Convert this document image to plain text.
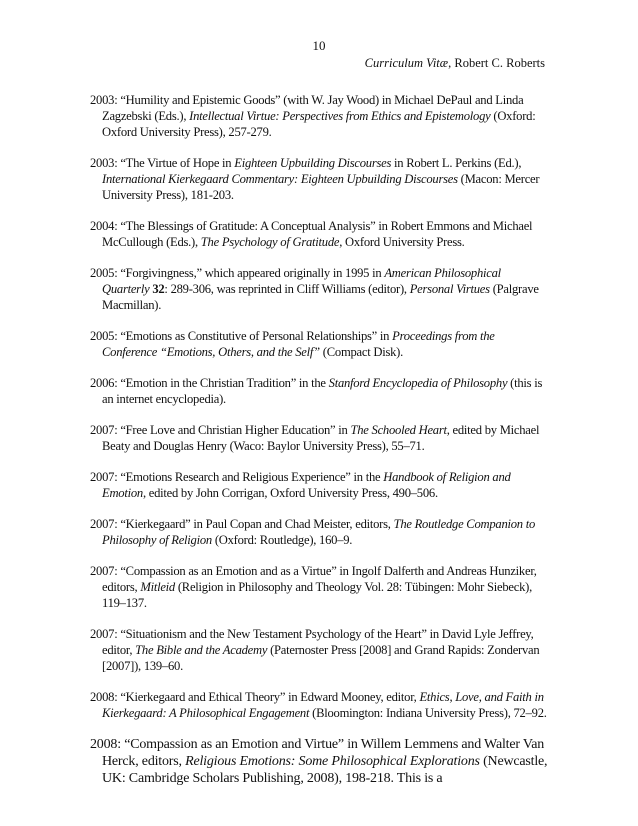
10
Curriculum Vitæ, Robert C. Roberts
2003: “Humility and Epistemic Goods” (with W. Jay Wood) in Michael DePaul and Linda Zagzebski (Eds.), Intellectual Virtue: Perspectives from Ethics and Epistemology (Oxford: Oxford University Press), 257-279.
2003: “The Virtue of Hope in Eighteen Upbuilding Discourses in Robert L. Perkins (Ed.), International Kierkegaard Commentary: Eighteen Upbuilding Discourses (Macon: Mercer University Press), 181-203.
2004: “The Blessings of Gratitude: A Conceptual Analysis” in Robert Emmons and Michael McCullough (Eds.), The Psychology of Gratitude, Oxford University Press.
2005: “Forgivingness,” which appeared originally in 1995 in American Philosophical Quarterly 32: 289-306, was reprinted in Cliff Williams (editor), Personal Virtues (Palgrave Macmillan).
2005: “Emotions as Constitutive of Personal Relationships” in Proceedings from the Conference “Emotions, Others, and the Self” (Compact Disk).
2006: “Emotion in the Christian Tradition” in the Stanford Encyclopedia of Philosophy (this is an internet encyclopedia).
2007: “Free Love and Christian Higher Education” in The Schooled Heart, edited by Michael Beaty and Douglas Henry (Waco: Baylor University Press), 55–71.
2007: “Emotions Research and Religious Experience” in the Handbook of Religion and Emotion, edited by John Corrigan, Oxford University Press, 490–506.
2007: “Kierkegaard” in Paul Copan and Chad Meister, editors, The Routledge Companion to Philosophy of Religion (Oxford: Routledge), 160–9.
2007: “Compassion as an Emotion and as a Virtue” in Ingolf Dalferth and Andreas Hunziker, editors, Mitleid (Religion in Philosophy and Theology Vol. 28: Tübingen: Mohr Siebeck), 119–137.
2007: “Situationism and the New Testament Psychology of the Heart” in David Lyle Jeffrey, editor, The Bible and the Academy (Paternoster Press [2008] and Grand Rapids: Zondervan [2007]), 139–60.
2008: “Kierkegaard and Ethical Theory” in Edward Mooney, editor, Ethics, Love, and Faith in Kierkegaard: A Philosophical Engagement (Bloomington: Indiana University Press), 72–92.
2008: “Compassion as an Emotion and Virtue” in Willem Lemmens and Walter Van Herck, editors, Religious Emotions: Some Philosophical Explorations (Newcastle, UK: Cambridge Scholars Publishing, 2008), 198-218. This is a
